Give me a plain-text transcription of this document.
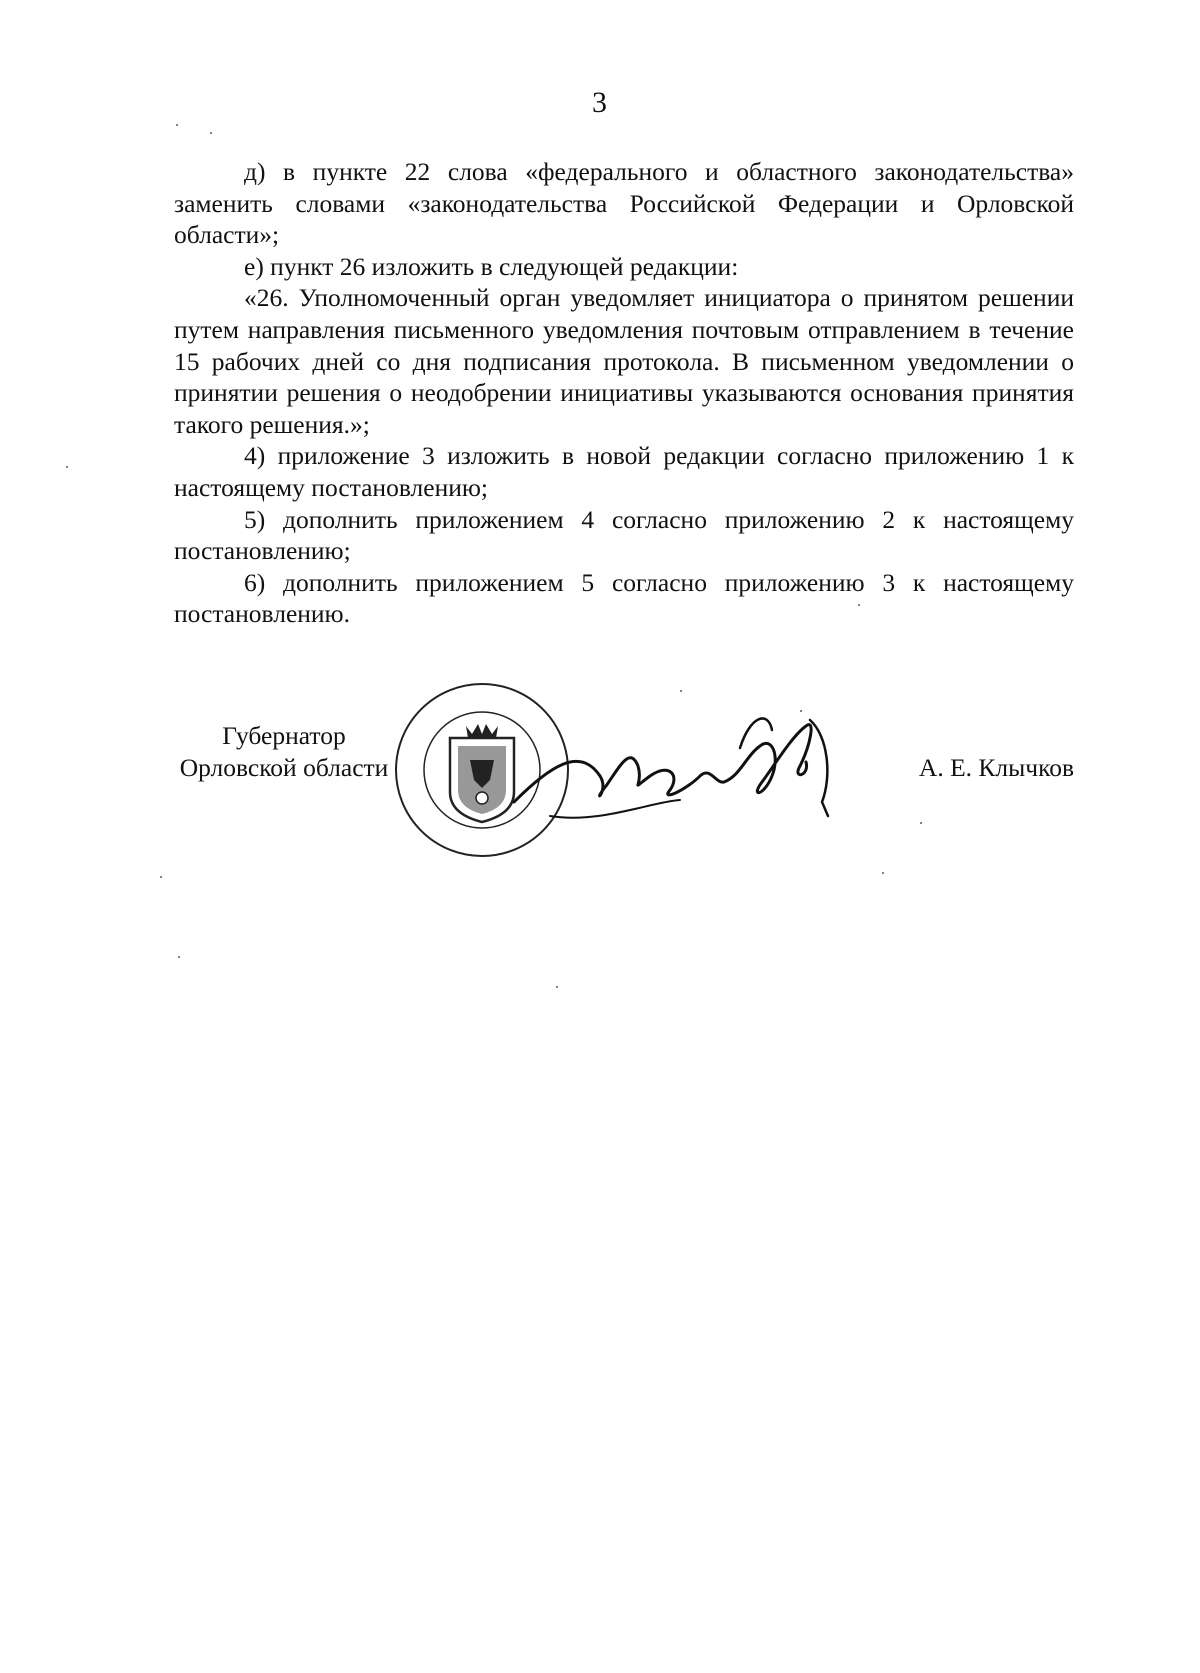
3

д) в пункте 22 слова «федерального и областного законодательства» заменить словами «законодательства Российской Федерации и Орловской области»;

е) пункт 26 изложить в следующей редакции:

«26. Уполномоченный орган уведомляет инициатора о принятом решении путем направления письменного уведомления почтовым отправлением в течение 15 рабочих дней со дня подписания протокола. В письменном уведомлении о принятии решения о неодобрении инициативы указываются основания принятия такого решения.»;

4) приложение 3 изложить в новой редакции согласно приложению 1 к настоящему постановлению;

5) дополнить приложением 4 согласно приложению 2 к настоящему постановлению;

6) дополнить приложением 5 согласно приложению 3 к настоящему постановлению.

Губернатор
Орловской области	А. Е. Клычков
